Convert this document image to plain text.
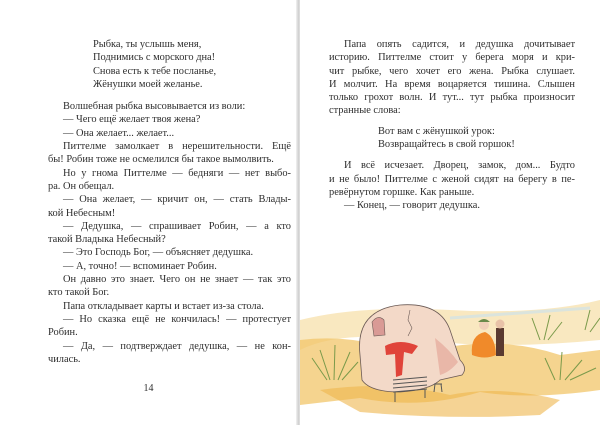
Рыбка, ты услышь меня,
Поднимись с морского дна!
Снова есть к тебе посланье,
Жёнушки моей желанье.
Волшебная рыбка высовывается из воли:
— Чего ещё желает твоя жена?
— Она желает... желает...
Питтелме замолкает в нерешительности. Ещё
бы! Робин тоже не осмелился бы такое вымолвить.
Но у гнома Питтелме — бедняги — нет выбо-
ра. Он обещал.
— Она желает, — кричит он, — стать Влады-
кой Небесным!
— Дедушка, — спрашивает Робин, — а кто
такой Владыка Небесный?
— Это Господь Бог, — объясняет дедушка.
— А, точно! — вспоминает Робин.
Он давно это знает. Чего он не знает — так это
кто такой Бог.
Папа откладывает карты и встает из-за стола.
— Но сказка ещё не кончилась! — протестует
Робин.
— Да, — подтверждает дедушка, — не кон-
чилась.
14
Папа опять садится, и дедушка дочитывает
историю. Питтелме стоит у берега моря и кри-
чит рыбке, чего хочет его жена. Рыбка слушает.
И молчит. На время воцаряется тишина. Слышен
только грохот волн. И тут... тут рыбка произносит
странные слова:
Вот вам с жёнушкой урок:
Возвращайтесь в свой горшок!
И всё исчезает. Дворец, замок, дом... Будто
и не было! Питтелме с женой сидят на берегу в пе-
ревёрнутом горшке. Как раньше.
— Конец, — говорит дедушка.
